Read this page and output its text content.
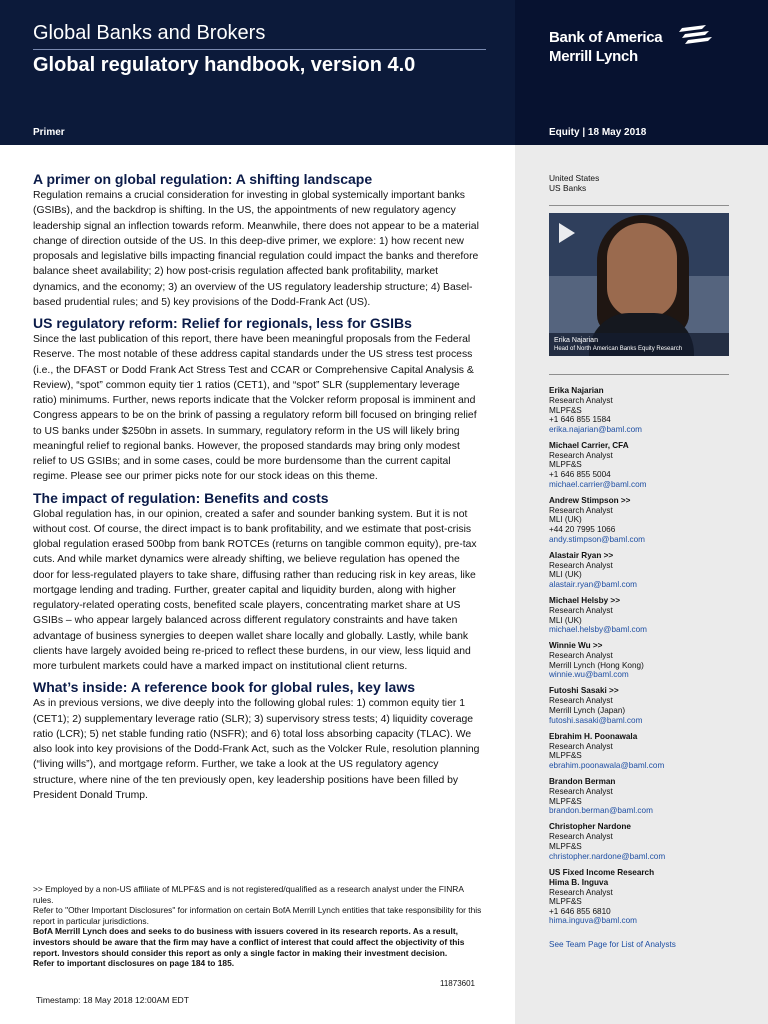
Global Banks and Brokers
Global regulatory handbook, version 4.0
Primer	Equity | 18 May 2018
Bank of America
Merrill Lynch
A primer on global regulation: A shifting landscape

Regulation remains a crucial consideration for investing in global systemically important banks (GSIBs), and the backdrop is shifting. In the US, the appointments of new regulatory agency leadership signal an inflection towards reform. Meanwhile, there does not appear to be a material change of direction outside of the US. In this deep-dive primer, we explore: 1) how recent new proposals and legislative bills impacting financial regulation could impact the banks and therefore balance sheet availability; 2) how post-crisis regulation affected bank profitability, market dynamics, and the economy; 3) an overview of the US regulatory leadership structure; 4) Basel-based prudential rules; and 5) key provisions of the Dodd-Frank Act (US).

US regulatory reform: Relief for regionals, less for GSIBs

Since the last publication of this report, there have been meaningful proposals from the Federal Reserve. The most notable of these address capital standards under the US stress test process (i.e., the DFAST or Dodd Frank Act Stress Test and CCAR or Comprehensive Capital Analysis & Review), “spot” common equity tier 1 ratios (CET1), and “spot” SLR (supplementary leverage ratio) minimums. Further, news reports indicate that the Volcker reform proposal is imminent and Congress appears to be on the brink of passing a regulatory reform bill focused on bringing relief to US banks under $250bn in assets. In summary, regulatory reform in the US will likely bring meaningful relief to regional banks. However, the proposed standards may bring only modest relief to US GSIBs; and in some cases, could be more burdensome than the current capital regime. Please see our primer picks note for our stock ideas on this theme.

The impact of regulation: Benefits and costs

Global regulation has, in our opinion, created a safer and sounder banking system. But it is not without cost. Of course, the direct impact is to bank profitability, and we estimate that post-crisis global regulation erased 500bp from bank ROTCEs (returns on tangible common equity), pre-tax cuts. And while market dynamics were already shifting, we believe regulation has opened the door for less-regulated players to take share, diffusing rather than reducing risk in key areas, like mortgage lending and trading. Further, greater capital and liquidity burden, along with higher regulatory-related operating costs, benefited scale players, concentrating market share at US GSIBs – who appear largely balanced across different regulatory constraints and have taken advantage of business synergies to deepen wallet share locally and globally. Lastly, while bank clients have largely avoided being re-priced to reflect these burdens, in our view, less liquid and more turbulent markets could have a marked impact on institutional client returns.

What’s inside: A reference book for global rules, key laws

As in previous versions, we dive deeply into the following global rules: 1) common equity tier 1 (CET1); 2) supplementary leverage ratio (SLR); 3) supervisory stress tests; 4) liquidity coverage ratio (LCR); 5) net stable funding ratio (NSFR); and 6) total loss absorbing capacity (TLAC). We also look into key provisions of the Dodd-Frank Act, such as the Volcker Rule, resolution planning (“living wills”), and mortgage reform. Further, we take a look at the US regulatory agency structure, where nine of the ten previously open, key leadership positions have been filled by President Donald Trump.

>> Employed by a non-US affiliate of MLPF&S and is not registered/qualified as a research analyst under the FINRA rules.

Refer to "Other Important Disclosures" for information on certain BofA Merrill Lynch entities that take responsibility for this report in particular jurisdictions.

BofA Merrill Lynch does and seeks to do business with issuers covered in its research reports. As a result, investors should be aware that the firm may have a conflict of interest that could affect the objectivity of this report. Investors should consider this report as only a single factor in making their investment decision.

Refer to important disclosures on page 184 to 185.

11873601
Timestamp: 18 May 2018 12:00AM EDT
United States
US Banks
Erika Najarian
Head of North American Banks Equity Research
Erika Najarian
Research Analyst
MLPF&S
+1 646 855 1584
erika.najarian@baml.com
Michael Carrier, CFA
Research Analyst
MLPF&S
+1 646 855 5004
michael.carrier@baml.com
Andrew Stimpson >>
Research Analyst
MLI (UK)
+44 20 7995 1066
andy.stimpson@baml.com
Alastair Ryan >>
Research Analyst
MLI (UK)
alastair.ryan@baml.com
Michael Helsby >>
Research Analyst
MLI (UK)
michael.helsby@baml.com
Winnie Wu >>
Research Analyst
Merrill Lynch (Hong Kong)
winnie.wu@baml.com
Futoshi Sasaki >>
Research Analyst
Merrill Lynch (Japan)
futoshi.sasaki@baml.com
Ebrahim H. Poonawala
Research Analyst
MLPF&S
ebrahim.poonawala@baml.com
Brandon Berman
Research Analyst
MLPF&S
brandon.berman@baml.com
Christopher Nardone
Research Analyst
MLPF&S
christopher.nardone@baml.com
US Fixed Income Research
Hima B. Inguva
Research Analyst
MLPF&S
+1 646 855 6810
hima.inguva@baml.com
See Team Page for List of Analysts
